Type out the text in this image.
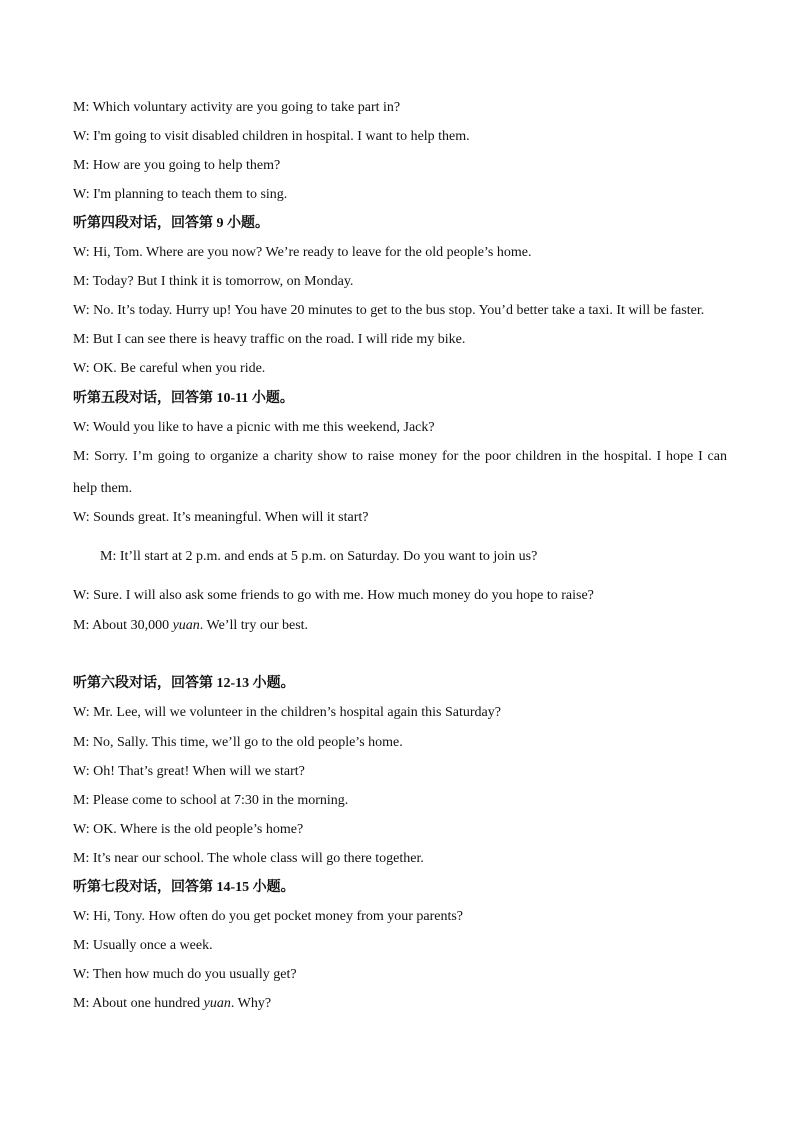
M: Which voluntary activity are you going to take part in?
W: I'm going to visit disabled children in hospital. I want to help them.
M: How are you going to help them?
W: I'm planning to teach them to sing.
听第四段对话，回答第 9 小题。
W: Hi, Tom. Where are you now? We’re ready to leave for the old people’s home.
M: Today? But I think it is tomorrow, on Monday.
W: No. It’s today. Hurry up! You have 20 minutes to get to the bus stop. You’d better take a taxi. It will be faster.
M: But I can see there is heavy traffic on the road. I will ride my bike.
W: OK. Be careful when you ride.
听第五段对话，回答第 10-11 小题。
W: Would you like to have a picnic with me this weekend, Jack?
M: Sorry. I’m going to organize a charity show to raise money for the poor children in the hospital. I hope I can
help them.
W: Sounds great. It’s meaningful. When will it start?
M: It’ll start at 2 p.m. and ends at 5 p.m. on Saturday. Do you want to join us?
W: Sure. I will also ask some friends to go with me. How much money do you hope to raise?
M: About 30,000 yuan. We’ll try our best.
听第六段对话，回答第 12-13 小题。
W: Mr. Lee, will we volunteer in the children’s hospital again this Saturday?
M: No, Sally. This time, we’ll go to the old people’s home.
W: Oh! That’s great! When will we start?
M: Please come to school at 7:30 in the morning.
W: OK. Where is the old people’s home?
M: It’s near our school. The whole class will go there together.
听第七段对话，回答第 14-15 小题。
W: Hi, Tony. How often do you get pocket money from your parents?
M: Usually once a week.
W: Then how much do you usually get?
M: About one hundred yuan. Why?
